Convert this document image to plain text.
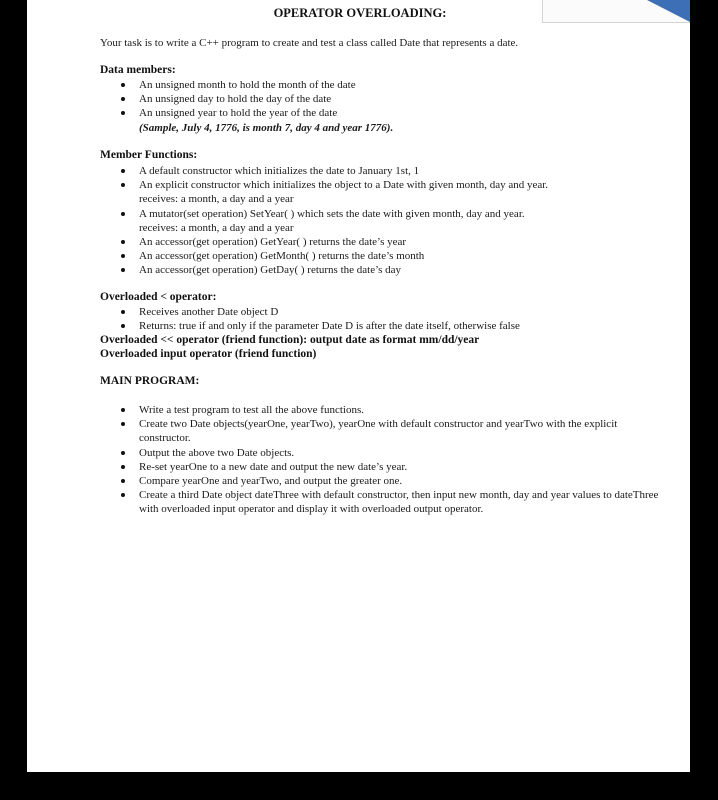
OPERATOR OVERLOADING:
Your task is to write a C++ program to create and test a class called Date that represents a date.
Data members:
An unsigned month to hold the month of the date
An unsigned day to hold the day of the date
An unsigned year to hold the year of the date
(Sample, July 4, 1776, is month 7, day 4 and year 1776).
Member Functions:
A default constructor which initializes the date to January 1st, 1
An explicit constructor which initializes the object to a Date with given month, day and year.
receives: a month, a day and a year
A mutator(set operation) SetYear( ) which sets the date with given month, day and year.
receives: a month, a day and a year
An accessor(get operation) GetYear( ) returns the date’s year
An accessor(get operation) GetMonth( ) returns the date’s month
An accessor(get operation) GetDay( ) returns the date’s day
Overloaded < operator:
Receives another Date object D
Returns: true if and only if the parameter Date D is after the date itself, otherwise false
Overloaded << operator (friend function): output date as format mm/dd/year
Overloaded input operator (friend function)
MAIN PROGRAM:
Write a test program to test all the above functions.
Create two Date objects(yearOne, yearTwo), yearOne with default constructor and yearTwo with the explicit constructor.
Output the above two Date objects.
Re-set yearOne to a new date and output the new date’s year.
Compare yearOne and yearTwo, and output the greater one.
Create a third Date object dateThree with default constructor, then input new month, day and year values to dateThree with overloaded input operator and display it with overloaded output operator.
